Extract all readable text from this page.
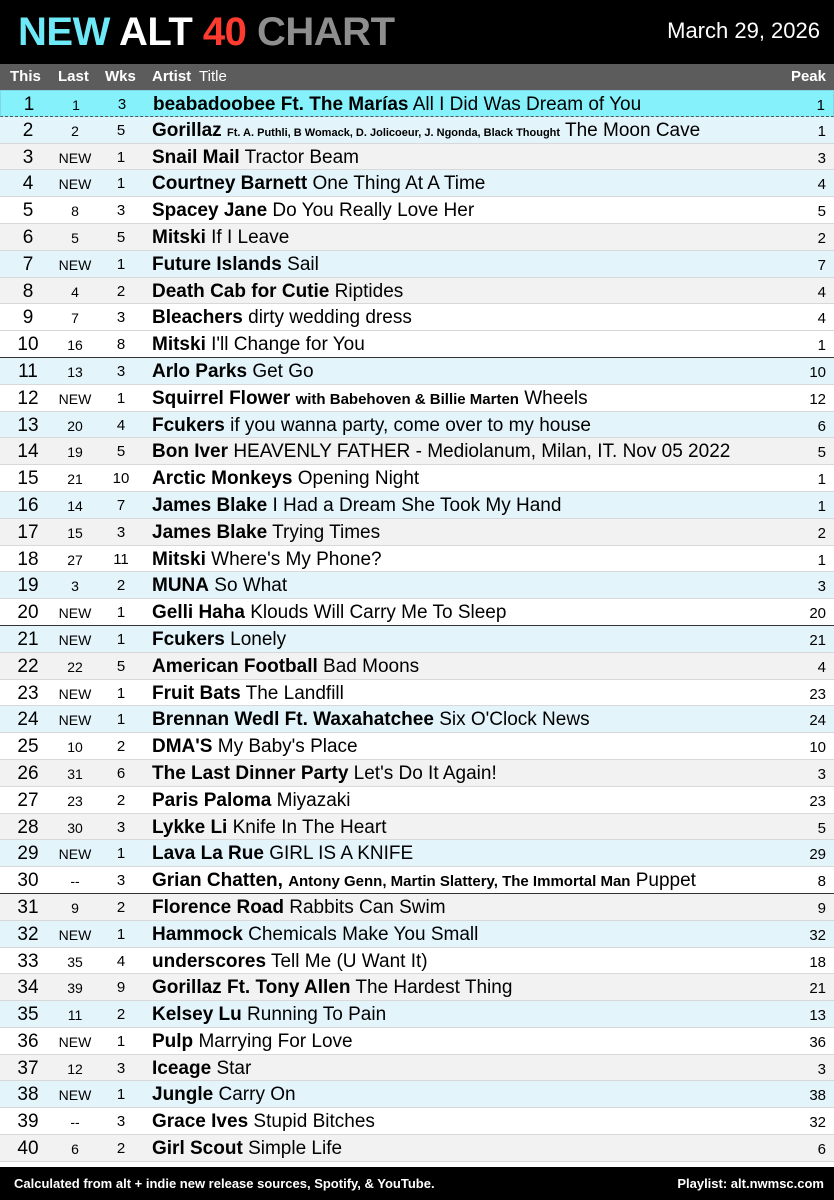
NEW ALT 40 CHART	March 29, 2026
This Last Wks Artist Title	Peak
1	1	3	beabadoobee Ft. The Marías All I Did Was Dream of You	1
2	2	5	Gorillaz Ft. A. Puthli, B Womack, D. Jolicoeur, J. Ngonda, Black Thought The Moon Cave	1
3	NEW	1	Snail Mail Tractor Beam	3
4	NEW	1	Courtney Barnett One Thing At A Time	4
5	8	3	Spacey Jane Do You Really Love Her	5
6	5	5	Mitski If I Leave	2
7	NEW	1	Future Islands Sail	7
8	4	2	Death Cab for Cutie Riptides	4
9	7	3	Bleachers dirty wedding dress	4
10	16	8	Mitski I'll Change for You	1
11	13	3	Arlo Parks Get Go	10
12	NEW	1	Squirrel Flower with Babehoven & Billie Marten Wheels	12
13	20	4	Fcukers if you wanna party, come over to my house	6
14	19	5	Bon Iver HEAVENLY FATHER - Mediolanum, Milan, IT. Nov 05 2022	5
15	21	10	Arctic Monkeys Opening Night	1
16	14	7	James Blake I Had a Dream She Took My Hand	1
17	15	3	James Blake Trying Times	2
18	27	11	Mitski Where's My Phone?	1
19	3	2	MUNA So What	3
20	NEW	1	Gelli Haha Klouds Will Carry Me To Sleep	20
21	NEW	1	Fcukers Lonely	21
22	22	5	American Football Bad Moons	4
23	NEW	1	Fruit Bats The Landfill	23
24	NEW	1	Brennan Wedl Ft. Waxahatchee Six O'Clock News	24
25	10	2	DMA'S My Baby's Place	10
26	31	6	The Last Dinner Party Let's Do It Again!	3
27	23	2	Paris Paloma Miyazaki	23
28	30	3	Lykke Li Knife In The Heart	5
29	NEW	1	Lava La Rue GIRL IS A KNIFE	29
30	--	3	Grian Chatten, Antony Genn, Martin Slattery, The Immortal Man Puppet	8
31	9	2	Florence Road Rabbits Can Swim	9
32	NEW	1	Hammock Chemicals Make You Small	32
33	35	4	underscores Tell Me (U Want It)	18
34	39	9	Gorillaz Ft. Tony Allen The Hardest Thing	21
35	11	2	Kelsey Lu Running To Pain	13
36	NEW	1	Pulp Marrying For Love	36
37	12	3	Iceage Star	3
38	NEW	1	Jungle Carry On	38
39	--	3	Grace Ives Stupid Bitches	32
40	6	2	Girl Scout Simple Life	6
Calculated from alt + indie new release sources, Spotify, & YouTube.	Playlist: alt.nwmsc.com
